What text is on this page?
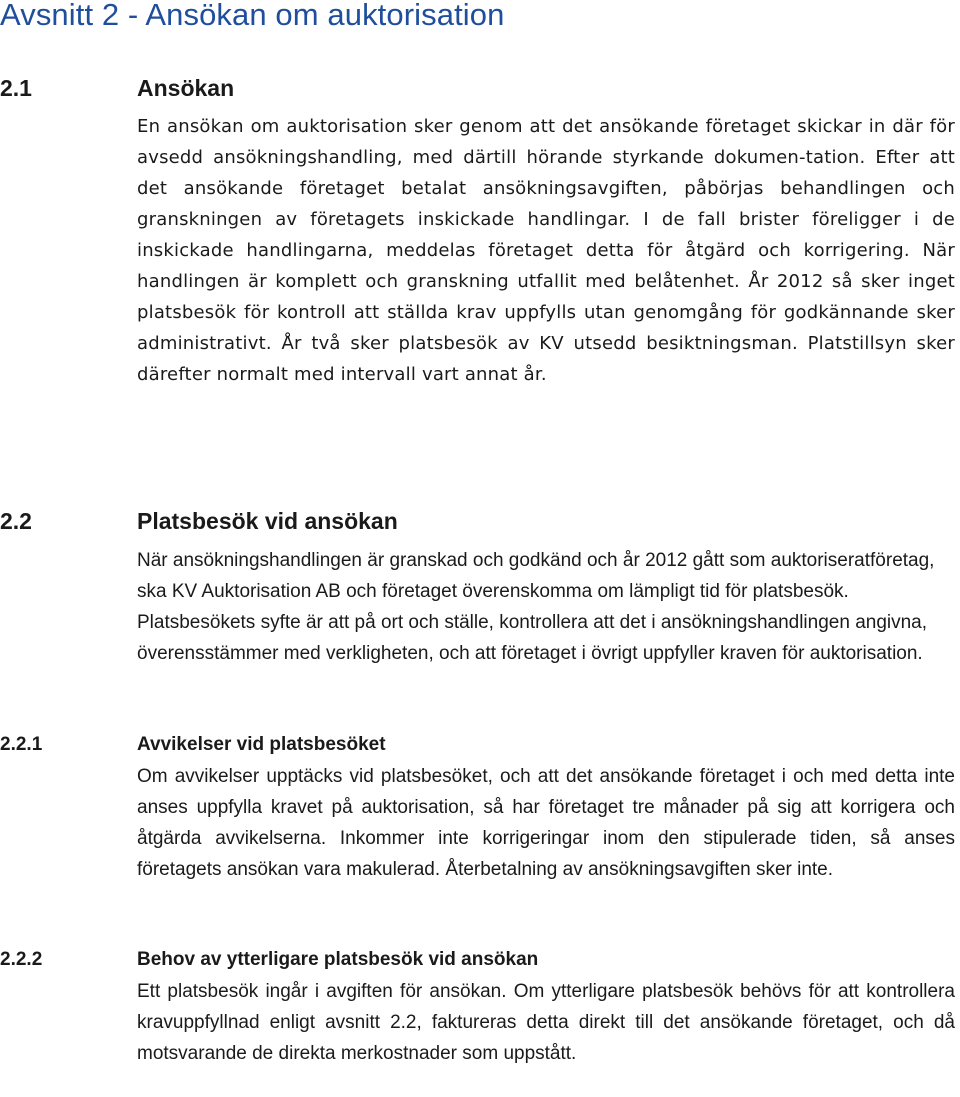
Avsnitt 2 - Ansökan om auktorisation
2.1	Ansökan

En ansökan om auktorisation sker genom att det ansökande företaget skickar in där för avsedd ansökningshandling, med därtill hörande styrkande dokumen-tation. Efter att det ansökande företaget betalat ansökningsavgiften, påbörjas behandlingen och granskningen av företagets inskickade handlingar. I de fall brister föreligger i de inskickade handlingarna, meddelas företaget detta för åtgärd och korrigering. När handlingen är komplett och granskning utfallit med belåtenhet. År 2012 så sker inget platsbesök för kontroll att ställda krav uppfylls utan genomgång för godkännande sker administrativt. År två sker platsbesök av KV utsedd besiktningsman. Platstillsyn sker därefter normalt med intervall vart annat år.

2.2	Platsbesök vid ansökan

När ansökningshandlingen är granskad och godkänd och år 2012 gått som auktoriseratföretag, ska KV Auktorisation AB och företaget överenskomma om lämpligt tid för platsbesök. Platsbesökets syfte är att på ort och ställe, kontrollera att det i ansökningshandlingen angivna, överensstämmer med verkligheten, och att företaget i övrigt uppfyller kraven för auktorisation.

2.2.1	Avvikelser vid platsbesöket

Om avvikelser upptäcks vid platsbesöket, och att det ansökande företaget i och med detta inte anses uppfylla kravet på auktorisation, så har företaget tre månader på sig att korrigera och åtgärda avvikelserna. Inkommer inte korrigeringar inom den stipulerade tiden, så anses företagets ansökan vara makulerad. Återbetalning av ansökningsavgiften sker inte.

2.2.2	Behov av ytterligare platsbesök vid ansökan

Ett platsbesök ingår i avgiften för ansökan. Om ytterligare platsbesök behövs för att kontrollera kravuppfyllnad enligt avsnitt 2.2, faktureras detta direkt till det ansökande företaget, och då motsvarande de direkta merkostnader som uppstått.
